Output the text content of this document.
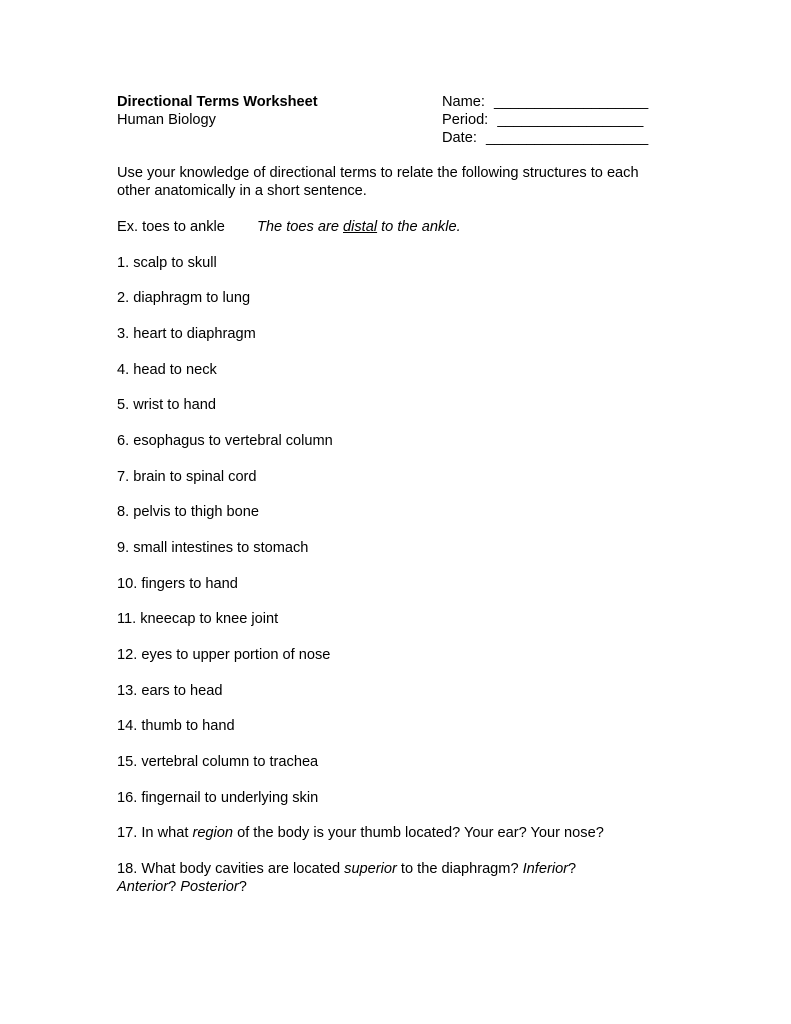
Directional Terms Worksheet
Human Biology
Name: ___________________
Period: __________________
Date: ____________________
Use your knowledge of directional terms to relate the following structures to each
other anatomically in a short sentence.
Ex. toes to ankle The toes are distal to the ankle.
1. scalp to skull
2. diaphragm to lung
3. heart to diaphragm
4. head to neck
5. wrist to hand
6. esophagus to vertebral column
7. brain to spinal cord
8. pelvis to thigh bone
9. small intestines to stomach
10. fingers to hand
11. kneecap to knee joint
12. eyes to upper portion of nose
13. ears to head
14. thumb to hand
15. vertebral column to trachea
16. fingernail to underlying skin
17. In what region of the body is your thumb located? Your ear? Your nose?
18. What body cavities are located superior to the diaphragm? Inferior?
Anterior? Posterior?
